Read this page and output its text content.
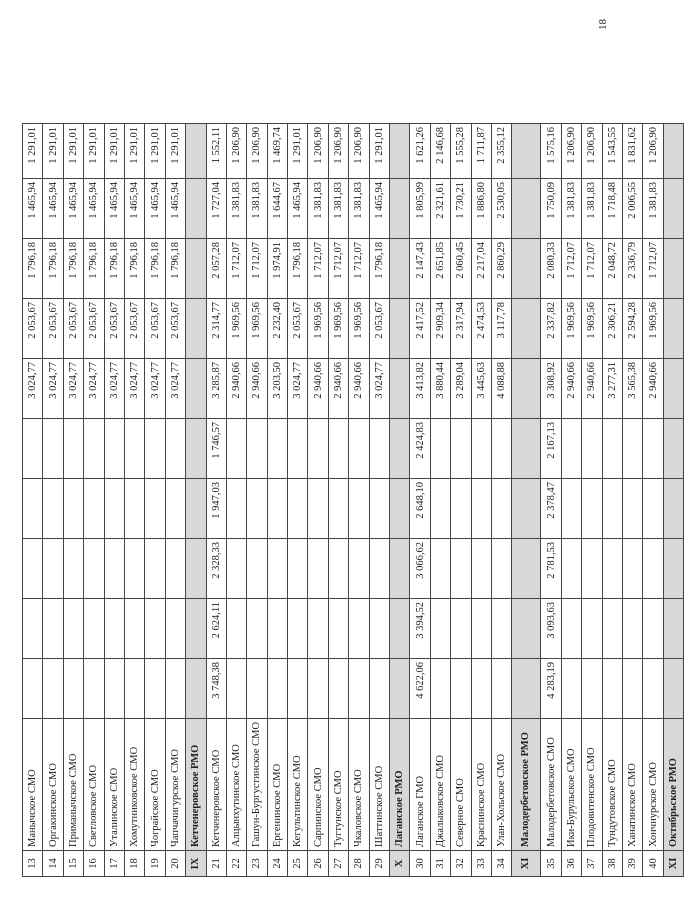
13	Манычское СМО						3 024,77	2 053,67	1 796,18	1 465,94	1 291,01
14	Оргакинское СМО						3 024,77	2 053,67	1 796,18	1 465,94	1 291,01
15	Приманычское СМО						3 024,77	2 053,67	1 796,18	1 465,94	1 291,01
16	Светловское СМО						3 024,77	2 053,67	1 796,18	1 465,94	1 291,01
17	Уталинское СМО						3 024,77	2 053,67	1 796,18	1 465,94	1 291,01
18	Хомутниковское СМО						3 024,77	2 053,67	1 796,18	1 465,94	1 291,01
19	Чограйское СМО						3 024,77	2 053,67	1 796,18	1 465,94	1 291,01
20	Чапчачигурское СМО						3 024,77	2 053,67	1 796,18	1 465,94	1 291,01
IX	Кетченеровское РМО										
21	Кетченеровское СМО	3 748,38	2 624,11	2 328,33	1 947,03	1 746,57	3 285,87	2 314,77	2 057,28	1 727,04	1 552,11
22	Алцынхутинское СМО						2 940,66	1 969,56	1 712,07	1 381,83	1 206,90
23	Гашун-Бургустинское СМО						2 940,66	1 969,56	1 712,07	1 381,83	1 206,90
24	Ергенинское СМО						3 203,50	2 232,40	1 974,91	1 644,67	1 469,74
25	Кегультинское СМО						3 024,77	2 053,67	1 796,18	1 465,94	1 291,01
26	Сарпинское СМО						2 940,66	1 969,56	1 712,07	1 381,83	1 206,90
27	Тугтунское СМО						2 940,66	1 969,56	1 712,07	1 381,83	1 206,90
28	Чкаловское СМО						2 940,66	1 969,56	1 712,07	1 381,83	1 206,90
29	Шаттинское СМО						3 024,77	2 053,67	1 796,18	1 465,94	1 291,01
X	Лаганское РМО										
30	Лаганское ГМО	4 622,06	3 394,52	3 066,62	2 648,10	2 424,83	3 413,82	2 417,52	2 147,43	1 805,99	1 621,26
31	Джалыковское СМО						3 880,44	2 909,34	2 651,85	2 321,61	2 146,68
32	Северное СМО						3 289,04	2 317,94	2 060,45	1 730,21	1 555,28
33	Краснинское СМО						3 445,63	2 474,53	2 217,04	1 886,80	1 711,87
34	Улан-Хольское СМО						4 088,88	3 117,78	2 860,29	2 530,05	2 355,12
XI	Малодербетовское РМО										
35	Малодербетовское СМО	4 283,19	3 093,63	2 781,53	2 378,47	2 167,13	3 308,92	2 337,82	2 080,33	1 750,09	1 575,16
36	Ики-Бурульское СМО						2 940,66	1 969,56	1 712,07	1 381,83	1 206,90
37	Плодовитенское СМО						2 940,66	1 969,56	1 712,07	1 381,83	1 206,90
38	Тундутовское СМО						3 277,31	2 306,21	2 048,72	1 718,48	1 543,55
39	Ханатинское СМО						3 565,38	2 594,28	2 336,79	2 006,55	1 831,62
40	Хончнурское СМО						2 940,66	1 969,56	1 712,07	1 381,83	1 206,90
XI	Октябрьское РМО										
18
